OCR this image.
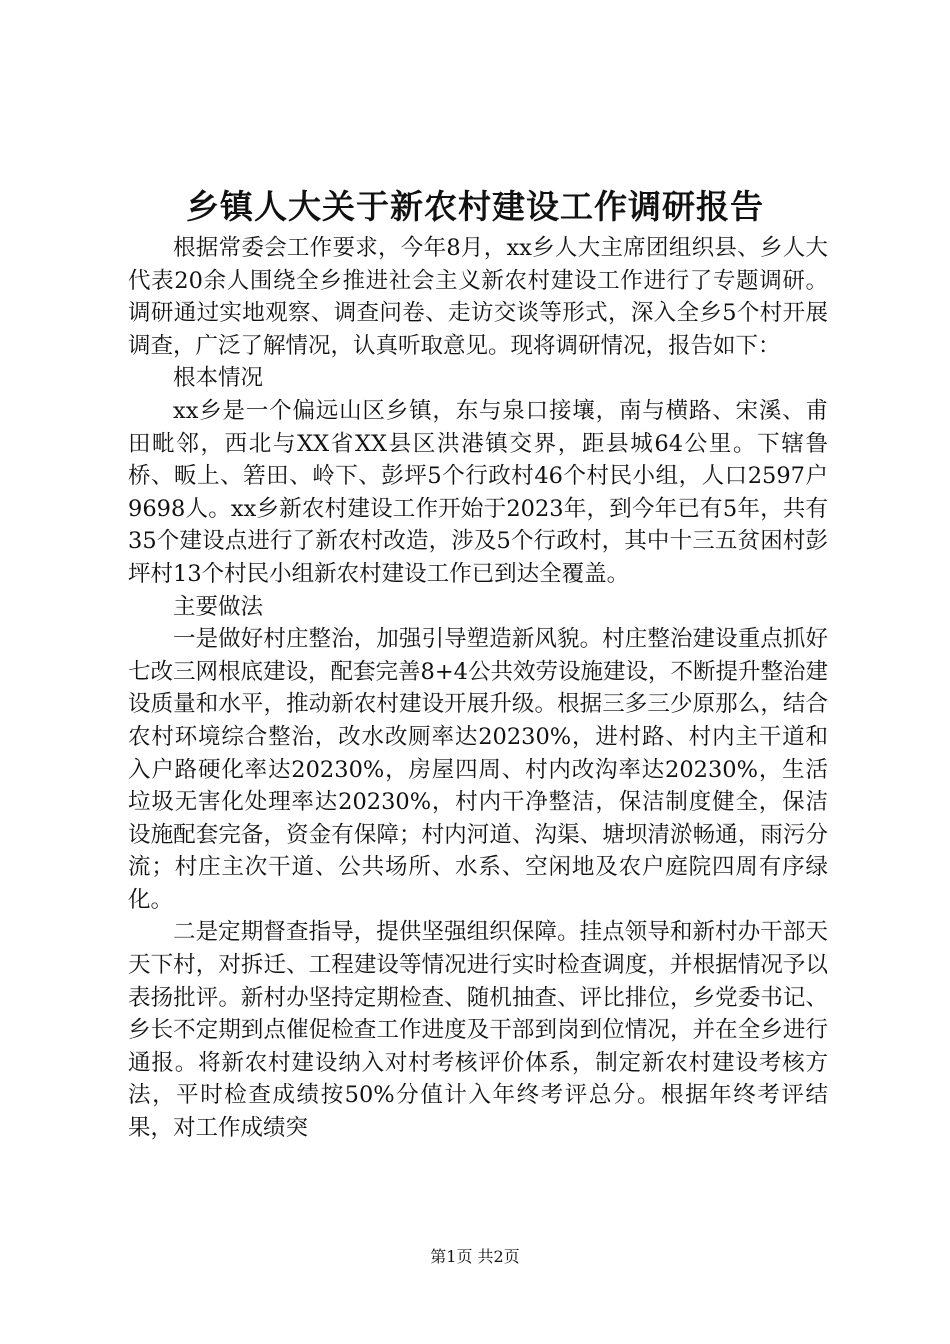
乡镇人大关于新农村建设工作调研报告

根据常委会工作要求，今年8月，xx乡人大主席团组织县、乡人大代表20余人围绕全乡推进社会主义新农村建设工作进行了专题调研。调研通过实地观察、调查问卷、走访交谈等形式，深入全乡5个村开展调查，广泛了解情况，认真听取意见。现将调研情况，报告如下：

根本情况

xx乡是一个偏远山区乡镇，东与泉口接壤，南与横路、宋溪、甫田毗邻，西北与XX省XX县区洪港镇交界，距县城64公里。下辖鲁桥、畈上、箬田、岭下、彭坪5个行政村46个村民小组，人口2597户9698人。xx乡新农村建设工作开始于2023年，到今年已有5年，共有35个建设点进行了新农村改造，涉及5个行政村，其中十三五贫困村彭坪村13个村民小组新农村建设工作已到达全覆盖。

主要做法

一是做好村庄整治，加强引导塑造新风貌。村庄整治建设重点抓好七改三网根底建设，配套完善8+4公共效劳设施建设，不断提升整治建设质量和水平，推动新农村建设开展升级。根据三多三少原那么，结合农村环境综合整治，改水改厕率达20230%，进村路、村内主干道和入户路硬化率达20230%，房屋四周、村内改沟率达20230%，生活垃圾无害化处理率达20230%，村内干净整洁，保洁制度健全，保洁设施配套完备，资金有保障；村内河道、沟渠、塘坝清淤畅通，雨污分流；村庄主次干道、公共场所、水系、空闲地及农户庭院四周有序绿化。

二是定期督查指导，提供坚强组织保障。挂点领导和新村办干部天天下村，对拆迁、工程建设等情况进行实时检查调度，并根据情况予以表扬批评。新村办坚持定期检查、随机抽查、评比排位，乡党委书记、乡长不定期到点催促检查工作进度及干部到岗到位情况，并在全乡进行通报。将新农村建设纳入对村考核评价体系，制定新农村建设考核方法，平时检查成绩按50%分值计入年终考评总分。根据年终考评结果，对工作成绩突

第1页 共2页
